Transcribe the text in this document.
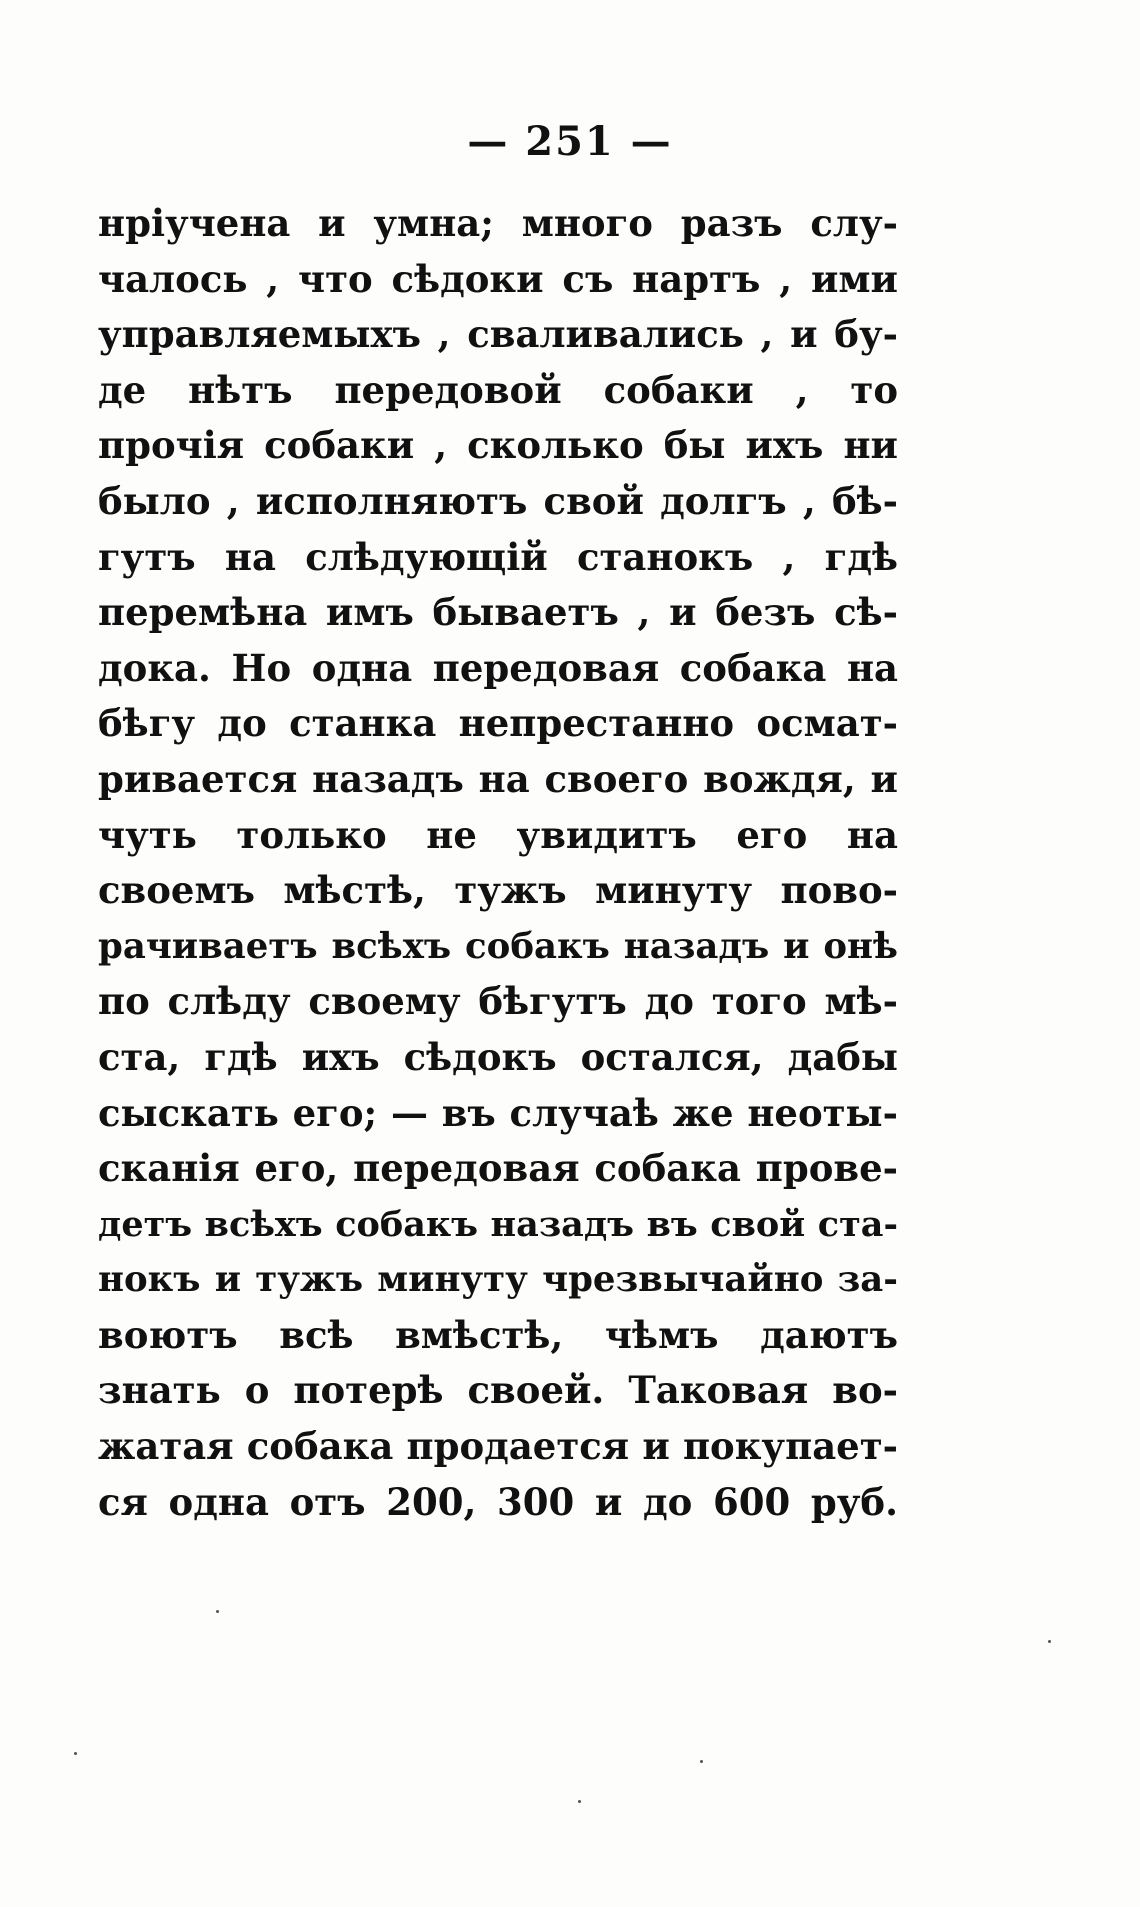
— 251 —
нріучена и умна; много разъ слу-
чалось , что сѣдоки съ нартъ , ими
управляемыхъ , сваливались , и бу-
де нѣтъ передовой собаки , то
прочія собаки , сколько бы ихъ ни
было , исполняютъ свой долгъ , бѣ-
гутъ на слѣдующій станокъ , гдѣ
перемѣна имъ бываетъ , и безъ сѣ-
дока. Но одна передовая собака на
бѣгу до станка непрестанно осмат-
ривается назадъ на своего вождя, и
чуть только не увидитъ его на
своемъ мѣстѣ, тужъ минуту пово-
рачиваетъ всѣхъ собакъ назадъ и онѣ
по слѣду своему бѣгутъ до того мѣ-
ста, гдѣ ихъ сѣдокъ остался, дабы
сыскать его; — въ случаѣ же неоты-
сканія его, передовая собака прове-
детъ всѣхъ собакъ назадъ въ свой ста-
нокъ и тужъ минуту чрезвычайно за-
воютъ всѣ вмѣстѣ, чѣмъ даютъ
знать о потерѣ своей. Таковая во-
жатая собака продается и покупает-
ся одна отъ 200, 300 и до 600 руб.
